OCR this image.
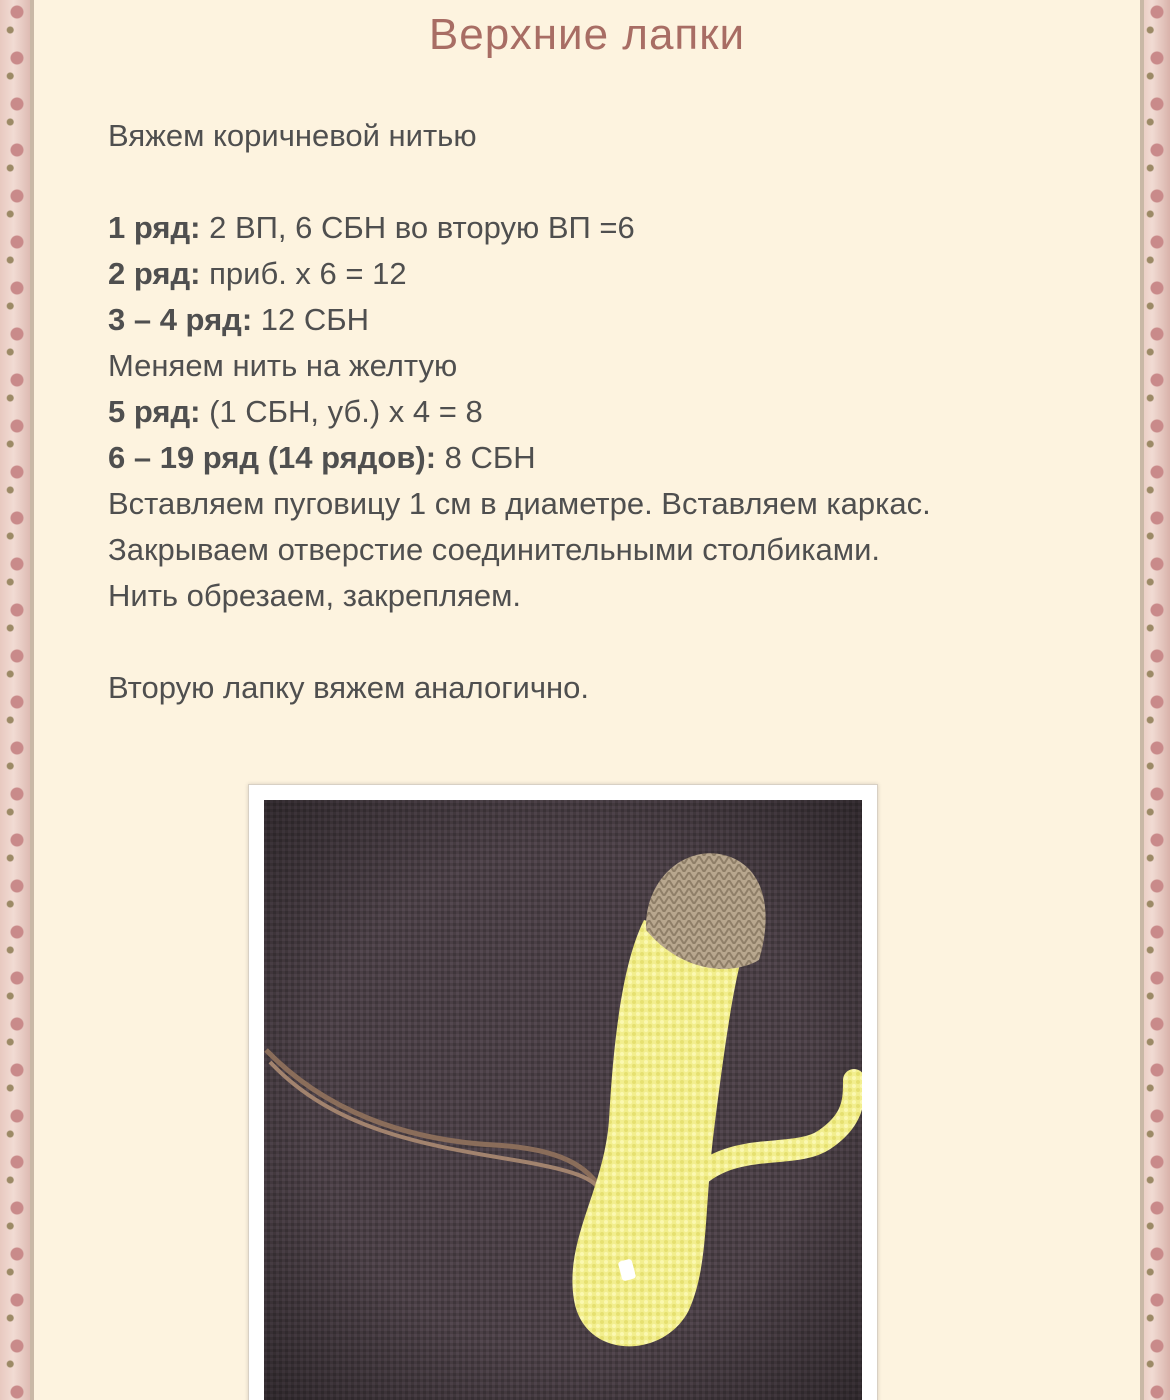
Верхние лапки
Вяжем коричневой нитью
1 ряд: 2 ВП, 6 СБН во вторую ВП =6
2 ряд: приб. х 6 = 12
3 – 4 ряд: 12 СБН
Меняем нить на желтую
5 ряд: (1 СБН, уб.) х 4 = 8
6 – 19 ряд (14 рядов): 8 СБН
Вставляем пуговицу 1 см в диаметре. Вставляем каркас.
Закрываем отверстие соединительными столбиками.
Нить обрезаем, закрепляем.
Вторую лапку вяжем аналогично.
